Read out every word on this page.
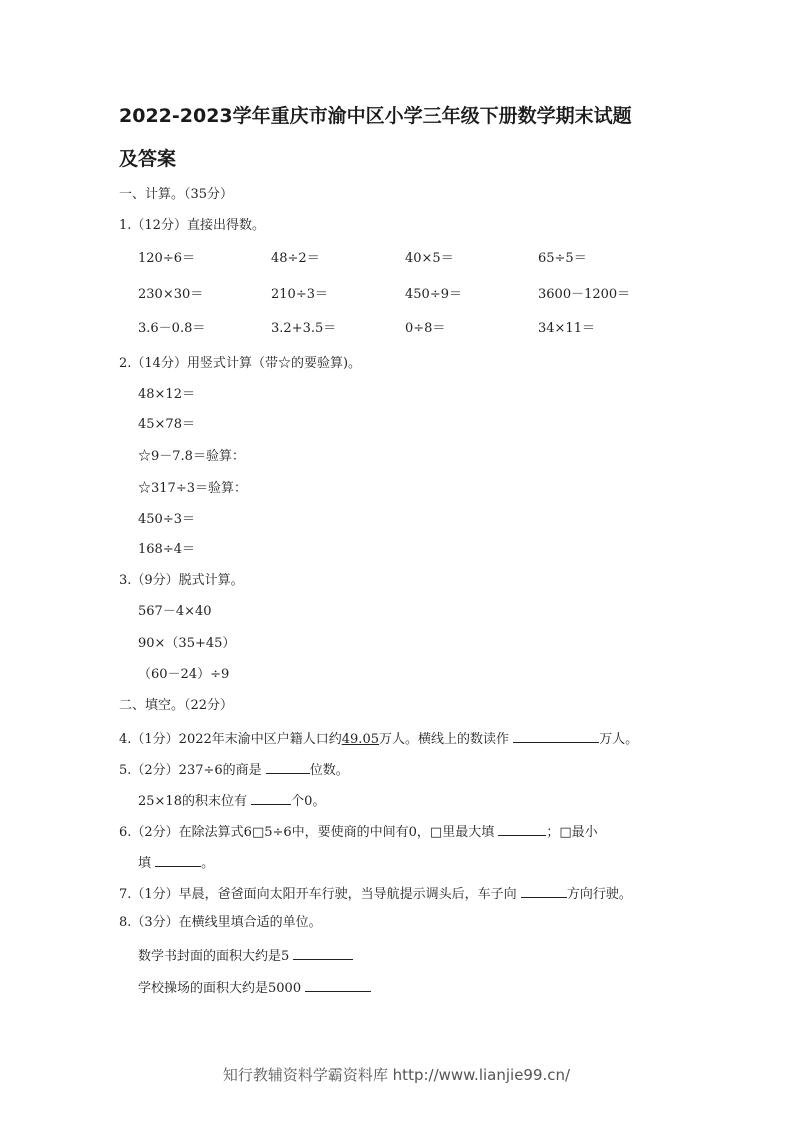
2022-2023学年重庆市渝中区小学三年级下册数学期末试题
及答案
一、计算。（35分）
1.（12分）直接出得数。
120÷6＝	48÷2＝	40×5＝	65÷5＝
230×30＝	210÷3＝	450÷9＝	3600－1200＝
3.6－0.8＝	3.2+3.5＝	0÷8＝	34×11＝
2.（14分）用竖式计算（带☆的要验算)。
48×12＝
45×78＝
☆9－7.8＝验算：
☆317÷3＝验算：
450÷3＝
168÷4＝
3.（9分）脱式计算。
567－4×40
90×（35+45）
（60－24）÷9
二、填空。（22分）
4.（1分）2022年末渝中区户籍人口约49.05万人。横线上的数读作	万人。
5.（2分）237÷6的商是	位数。
25×18的积末位有	个0。
6.（2分）在除法算式6□5÷6中，要使商的中间有0，□里最大填	；□最小
填	。
7.（1分）早晨，爸爸面向太阳开车行驶，当导航提示调头后，车子向	方向行驶。
8.（3分）在横线里填合适的单位。
数学书封面的面积大约是5
学校操场的面积大约是5000
知行教辅资料学霸资料库 http://www.lianjie99.cn/
